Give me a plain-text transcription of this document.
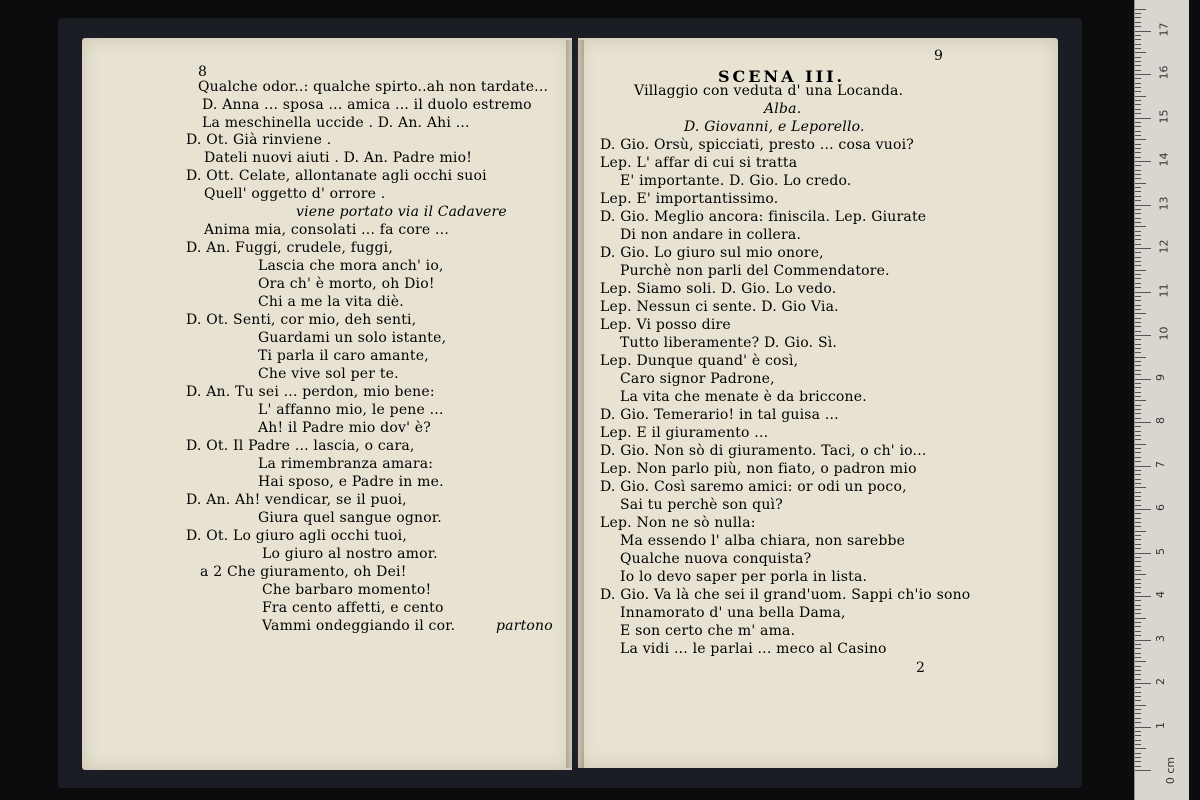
8
9
SCENA III.
2
Qualche odor..: qualche spirto..ah non tardate...
D. Anna ... sposa ... amica ... il duolo estremo
La meschinella uccide . D. An. Ahi ...
D. Ot. Già rinviene .
Dateli nuovi aiuti . D. An. Padre mio!
D. Ott. Celate, allontanate agli occhi suoi
Quell' oggetto d' orrore .
viene portato via il Cadavere
Anima mia, consolati ... fa core ...
D. An. Fuggi, crudele, fuggi,
Lascia che mora anch' io,
Ora ch' è morto, oh Dio!
Chi a me la vita diè.
D. Ot. Senti, cor mio, deh senti,
Guardami un solo istante,
Ti parla il caro amante,
Che vive sol per te.
D. An. Tu sei ... perdon, mio bene:
L' affanno mio, le pene ...
Ah! il Padre mio dov' è?
D. Ot. Il Padre ... lascia, o cara,
La rimembranza amara:
Hai sposo, e Padre in me.
D. An. Ah! vendicar, se il puoi,
Giura quel sangue ognor.
D. Ot. Lo giuro agli occhi tuoi,
Lo giuro al nostro amor.
a 2 Che giuramento, oh Dei!
Che barbaro momento!
Fra cento affetti, e cento
Vammi ondeggiando il cor.	partono
Villaggio con veduta d' una Locanda.
Alba.
D. Giovanni, e Leporello.
D. Gio. Orsù, spicciati, presto ... cosa vuoi?
Lep. L' affar di cui si tratta
E' importante. D. Gio. Lo credo.
Lep. E' importantissimo.
D. Gio. Meglio ancora: finiscila. Lep. Giurate
Di non andare in collera.
D. Gio. Lo giuro sul mio onore,
Purchè non parli del Commendatore.
Lep. Siamo soli. D. Gio. Lo vedo.
Lep. Nessun ci sente. D. Gio Via.
Lep. Vi posso dire
Tutto liberamente? D. Gio. Sì.
Lep. Dunque quand' è così,
Caro signor Padrone,
La vita che menate è da briccone.
D. Gio. Temerario! in tal guisa ...
Lep. E il giuramento ...
D. Gio. Non sò di giuramento. Taci, o ch' io...
Lep. Non parlo più, non fiato, o padron mio
D. Gio. Così saremo amici: or odi un poco,
Sai tu perchè son quì?
Lep. Non ne sò nulla:
Ma essendo l' alba chiara, non sarebbe
Qualche nuova conquista?
Io lo devo saper per porla in lista.
D. Gio. Va là che sei il grand'uom. Sappi ch'io sono
Innamorato d' una bella Dama,
E son certo che m' ama.
La vidi ... le parlai ... meco al Casino
1
2
3
4
5
6
7
8
9
10
11
12
13
14
15
16
17
0 cm
